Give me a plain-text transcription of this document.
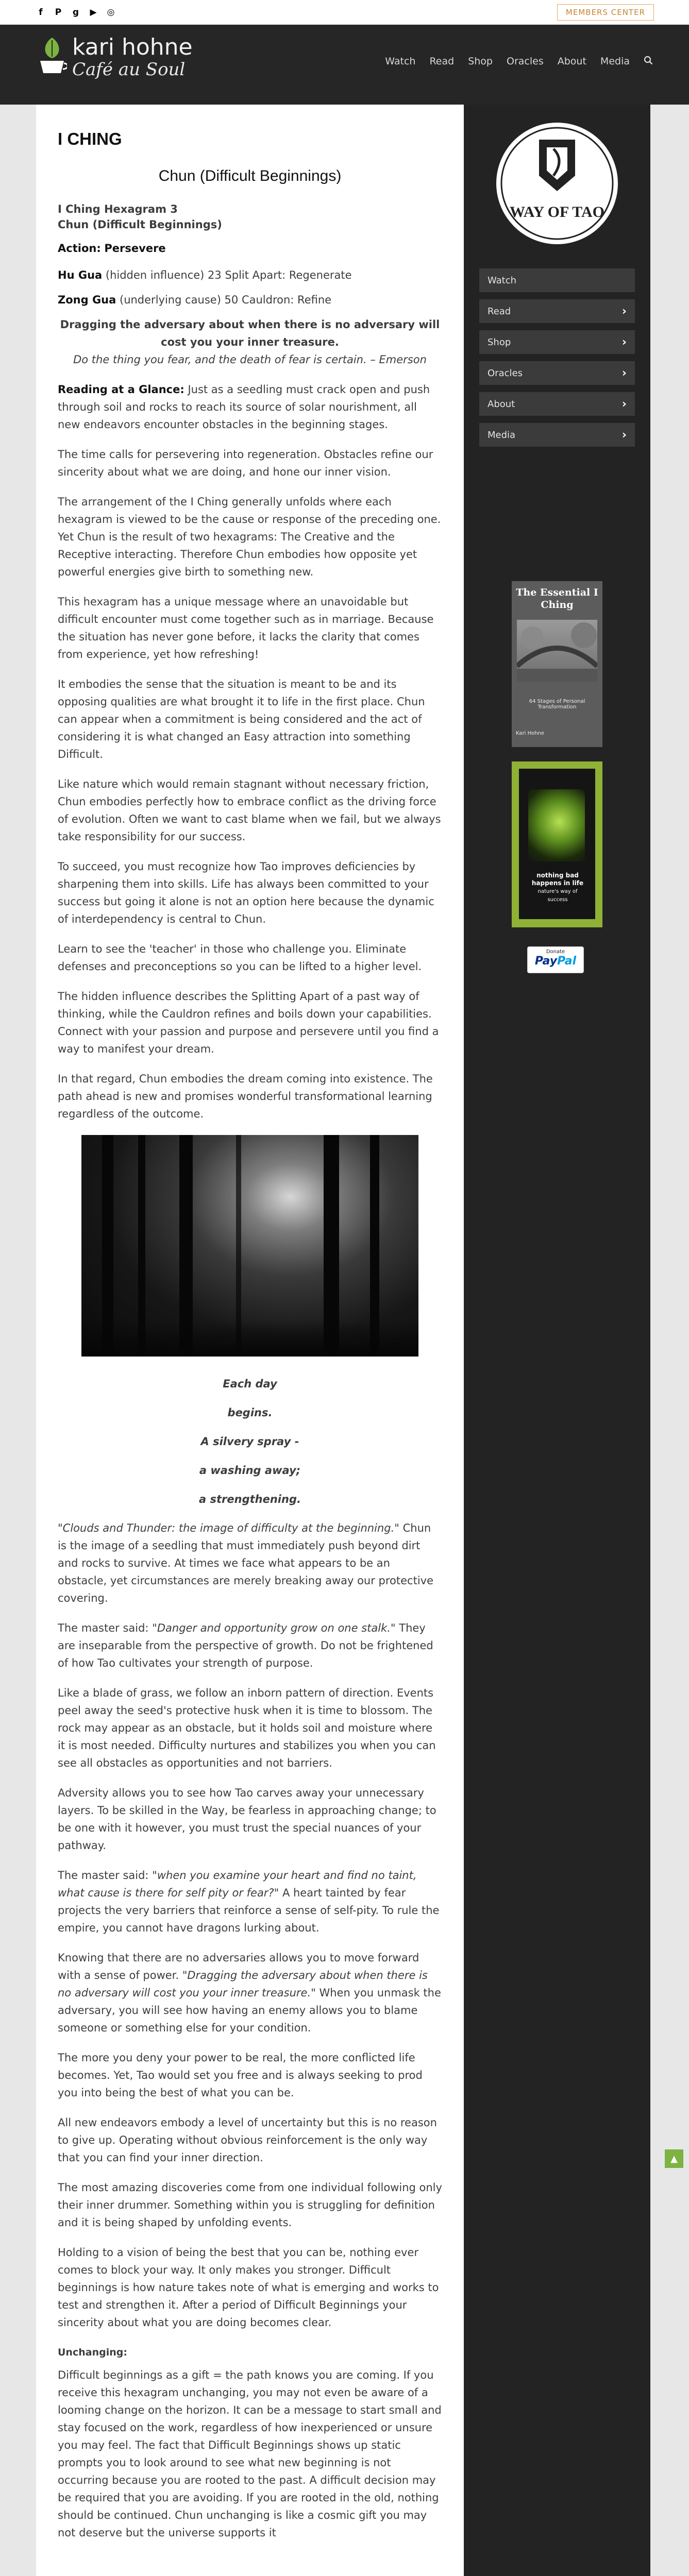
f	P g ▶ ◎	MEMBERS CENTER
kari hohne
Café au Soul	Watch Read Shop Oracles About Media
I CHING
Chun (Difficult Beginnings)

I Ching Hexagram 3
Chun (Difficult Beginnings)

Action: Persevere

Hu Gua (hidden influence) 23 Split Apart: Regenerate

Zong Gua (underlying cause) 50 Cauldron: Refine

Dragging the adversary about when there is no adversary will cost you your inner treasure.

Do the thing you fear, and the death of fear is certain. – Emerson

Reading at a Glance: Just as a seedling must crack open and push through soil and rocks to reach its source of solar nourishment, all new endeavors encounter obstacles in the beginning stages.

The time calls for persevering into regeneration. Obstacles refine our sincerity about what we are doing, and hone our inner vision.

The arrangement of the I Ching generally unfolds where each hexagram is viewed to be the cause or response of the preceding one. Yet Chun is the result of two hexagrams: The Creative and the Receptive interacting. Therefore Chun embodies how opposite yet powerful energies give birth to something new.

This hexagram has a unique message where an unavoidable but difficult encounter must come together such as in marriage. Because the situation has never gone before, it lacks the clarity that comes from experience, yet how refreshing!

It embodies the sense that the situation is meant to be and its opposing qualities are what brought it to life in the first place. Chun can appear when a commitment is being considered and the act of considering it is what changed an Easy attraction into something Difficult.

Like nature which would remain stagnant without necessary friction, Chun embodies perfectly how to embrace conflict as the driving force of evolution. Often we want to cast blame when we fail, but we always take responsibility for our success.

To succeed, you must recognize how Tao improves deficiencies by sharpening them into skills. Life has always been committed to your success but going it alone is not an option here because the dynamic of interdependency is central to Chun.

Learn to see the 'teacher' in those who challenge you. Eliminate defenses and preconceptions so you can be lifted to a higher level.

The hidden influence describes the Splitting Apart of a past way of thinking, while the Cauldron refines and boils down your capabilities. Connect with your passion and purpose and persevere until you find a way to manifest your dream.

In that regard, Chun embodies the dream coming into existence. The path ahead is new and promises wonderful transformational learning regardless of the outcome.

Each day

begins.

A silvery spray -

a washing away;

a strengthening.

"Clouds and Thunder: the image of difficulty at the beginning." Chun is the image of a seedling that must immediately push beyond dirt and rocks to survive. At times we face what appears to be an obstacle, yet circumstances are merely breaking away our protective covering.

The master said: "Danger and opportunity grow on one stalk." They are inseparable from the perspective of growth. Do not be frightened of how Tao cultivates your strength of purpose.

Like a blade of grass, we follow an inborn pattern of direction. Events peel away the seed's protective husk when it is time to blossom. The rock may appear as an obstacle, but it holds soil and moisture where it is most needed. Difficulty nurtures and stabilizes you when you can see all obstacles as opportunities and not barriers.

Adversity allows you to see how Tao carves away your unnecessary layers. To be skilled in the Way, be fearless in approaching change; to be one with it however, you must trust the special nuances of your pathway.

The master said: "when you examine your heart and find no taint, what cause is there for self pity or fear?" A heart tainted by fear projects the very barriers that reinforce a sense of self-pity. To rule the empire, you cannot have dragons lurking about.

Knowing that there are no adversaries allows you to move forward with a sense of power. "Dragging the adversary about when there is no adversary will cost you your inner treasure." When you unmask the adversary, you will see how having an enemy allows you to blame someone or something else for your condition.

The more you deny your power to be real, the more conflicted life becomes. Yet, Tao would set you free and is always seeking to prod you into being the best of what you can be.

All new endeavors embody a level of uncertainty but this is no reason to give up. Operating without obvious reinforcement is the only way that you can find your inner direction.

The most amazing discoveries come from one individual following only their inner drummer. Something within you is struggling for definition and it is being shaped by unfolding events.

Holding to a vision of being the best that you can be, nothing ever comes to block your way. It only makes you stronger. Difficult beginnings is how nature takes note of what is emerging and works to test and strengthen it. After a period of Difficult Beginnings your sincerity about what you are doing becomes clear.

Unchanging:

Difficult beginnings as a gift = the path knows you are coming. If you receive this hexagram unchanging, you may not even be aware of a looming change on the horizon. It can be a message to start small and stay focused on the work, regardless of how inexperienced or unsure you may feel. The fact that Difficult Beginnings shows up static prompts you to look around to see what new beginning is not occurring because you are rooted to the past. A difficult decision may be required that you are avoiding. If you are rooted in the old, nothing should be continued. Chun unchanging is like a cosmic gift you may not deserve but the universe supports it

WAY OF TAO
Watch
Read	›
Shop	›
Oracles	›
About	›
Media	›
The Essential I Ching
64 Stages of Personal Transformation
Kari Hohne
nothing bad happens in life
nature's way of success
Donate
PayPal
▲
